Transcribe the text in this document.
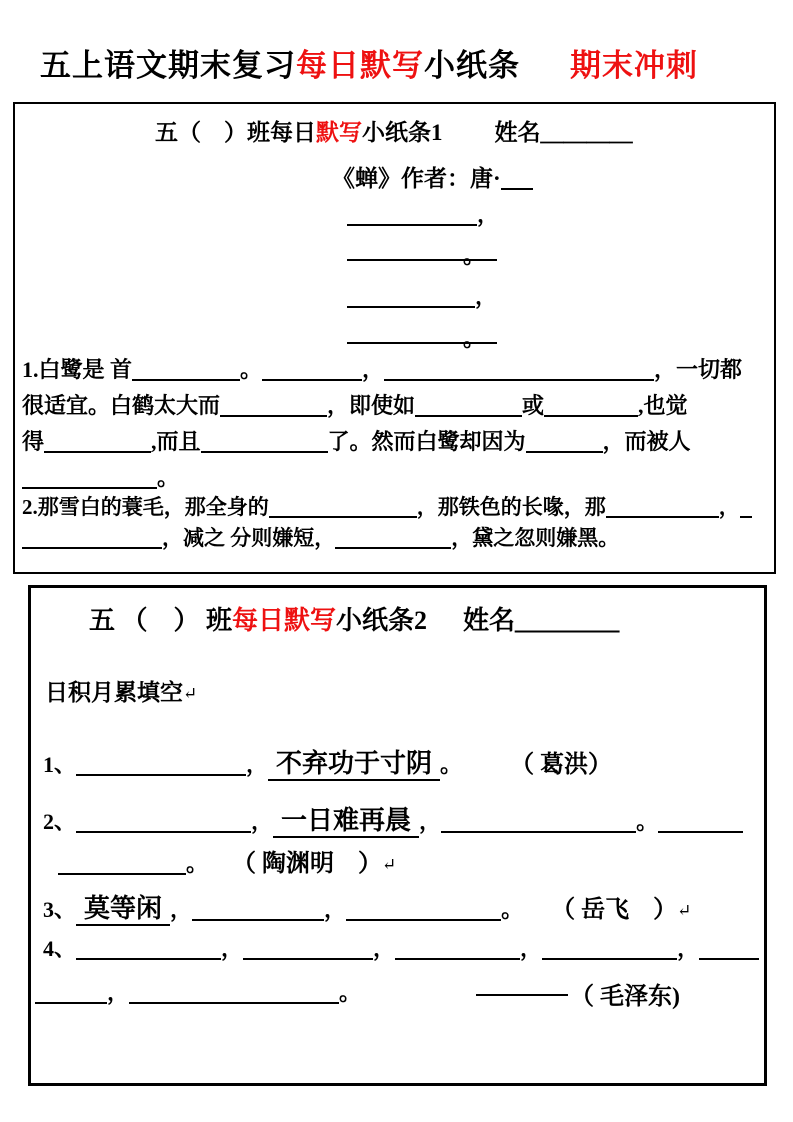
五上语文期末复习每日默写小纸条 期末冲刺
五（　）班每日默写小纸条1 姓名＿＿＿＿
《蝉》作者：唐·
，
。
，
。
1.白鹭是 首	。	，	，一切都
很适宜。白鹤太大而	，即使如	或	,也觉
得	,而且	了。然而白鹭却因为	，而被人
。
2.那雪白的蓑毛，那全身的	，那铁色的长喙，那	，
，减之 分则嫌短，	，黛之忽则嫌黑。
五 （　） 班每日默写小纸条2 姓名＿＿＿＿
日积月累填空↵
1、	， 不弃功于寸阴 。	（ 葛洪）
2、	， 一日难再晨 ，	。
。 （ 陶渊明　）↵
3、 莫等闲 ，	，	。 （ 岳飞　）↵
4、	，	，	，	，
，	。	（ 毛泽东)
